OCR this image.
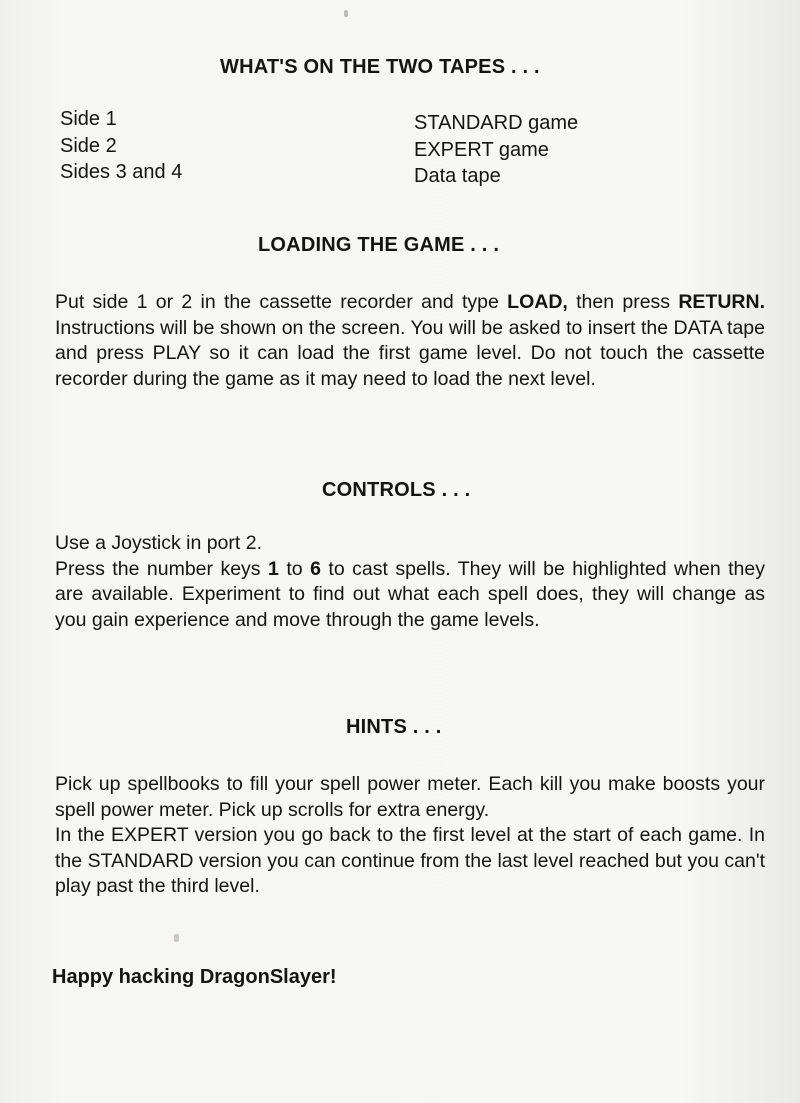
WHAT'S ON THE TWO TAPES . . .
Side 1
Side 2
Sides 3 and 4
STANDARD game
EXPERT game
Data tape
LOADING THE GAME . . .

Put side 1 or 2 in the cassette recorder and type LOAD, then press RETURN. Instructions will be shown on the screen. You will be asked to insert the DATA tape and press PLAY so it can load the first game level. Do not touch the cassette recorder during the game as it may need to load the next level.

CONTROLS . . .

Use a Joystick in port 2.
Press the number keys 1 to 6 to cast spells. They will be highlighted when they are available. Experiment to find out what each spell does, they will change as you gain experience and move through the game levels.

HINTS . . .

Pick up spellbooks to fill your spell power meter. Each kill you make boosts your spell power meter. Pick up scrolls for extra energy.
In the EXPERT version you go back to the first level at the start of each game. In the STANDARD version you can continue from the last level reached but you can't play past the third level.

Happy hacking DragonSlayer!
